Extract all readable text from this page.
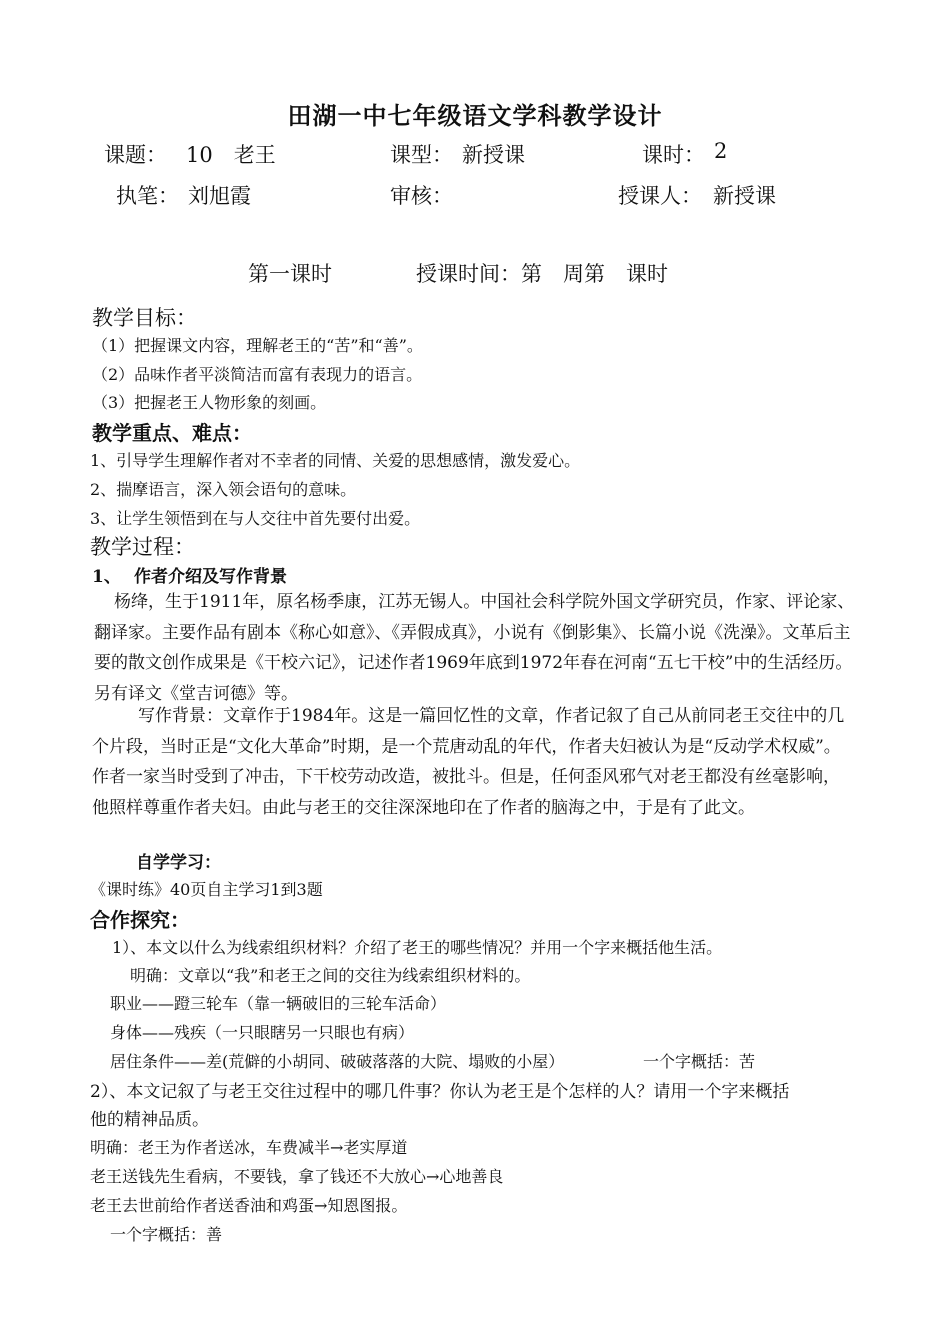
田湖一中七年级语文学科教学设计
课题： 10　老王	课型： 新授课	课时： 2
执笔： 刘旭霞	审核：	授课人： 新授课
第一课时	授课时间：第　周第　课时
教学目标：
（1）把握课文内容，理解老王的“苦”和“善”。
（2）品味作者平淡简洁而富有表现力的语言。
（3）把握老王人物形象的刻画。
教学重点、难点：
1、引导学生理解作者对不幸者的同情、关爱的思想感情，激发爱心。
2、揣摩语言，深入领会语句的意味。
3、让学生领悟到在与人交往中首先要付出爱。
教学过程：
1、 作者介绍及写作背景
杨绛，生于1911年，原名杨季康，江苏无锡人。中国社会科学院外国文学研究员，作家、评论家、翻译家。主要作品有剧本《称心如意》、《弄假成真》，小说有《倒影集》、长篇小说《洗澡》。文革后主要的散文创作成果是《干校六记》，记述作者1969年底到1972年春在河南“五七干校”中的生活经历。另有译文《堂吉诃德》等。
写作背景：文章作于1984年。这是一篇回忆性的文章，作者记叙了自己从前同老王交往中的几个片段，当时正是“文化大革命”时期，是一个荒唐动乱的年代，作者夫妇被认为是“反动学术权威”。作者一家当时受到了冲击，下干校劳动改造，被批斗。但是，任何歪风邪气对老王都没有丝毫影响，他照样尊重作者夫妇。由此与老王的交往深深地印在了作者的脑海之中，于是有了此文。
自学学习：
《课时练》40页自主学习1到3题
合作探究：
1）、本文以什么为线索组织材料？介绍了老王的哪些情况？并用一个字来概括他生活。
明确：文章以“我”和老王之间的交往为线索组织材料的。
职业——蹬三轮车（靠一辆破旧的三轮车活命）
身体——残疾（一只眼瞎另一只眼也有病）
居住条件——差(荒僻的小胡同、破破落落的大院、塌败的小屋）	一个字概括：苦
2）、本文记叙了与老王交往过程中的哪几件事？你认为老王是个怎样的人？请用一个字来概括
他的精神品质。
明确：老王为作者送冰，车费减半→老实厚道
老王送钱先生看病，不要钱，拿了钱还不大放心→心地善良
老王去世前给作者送香油和鸡蛋→知恩图报。
一个字概括：善
